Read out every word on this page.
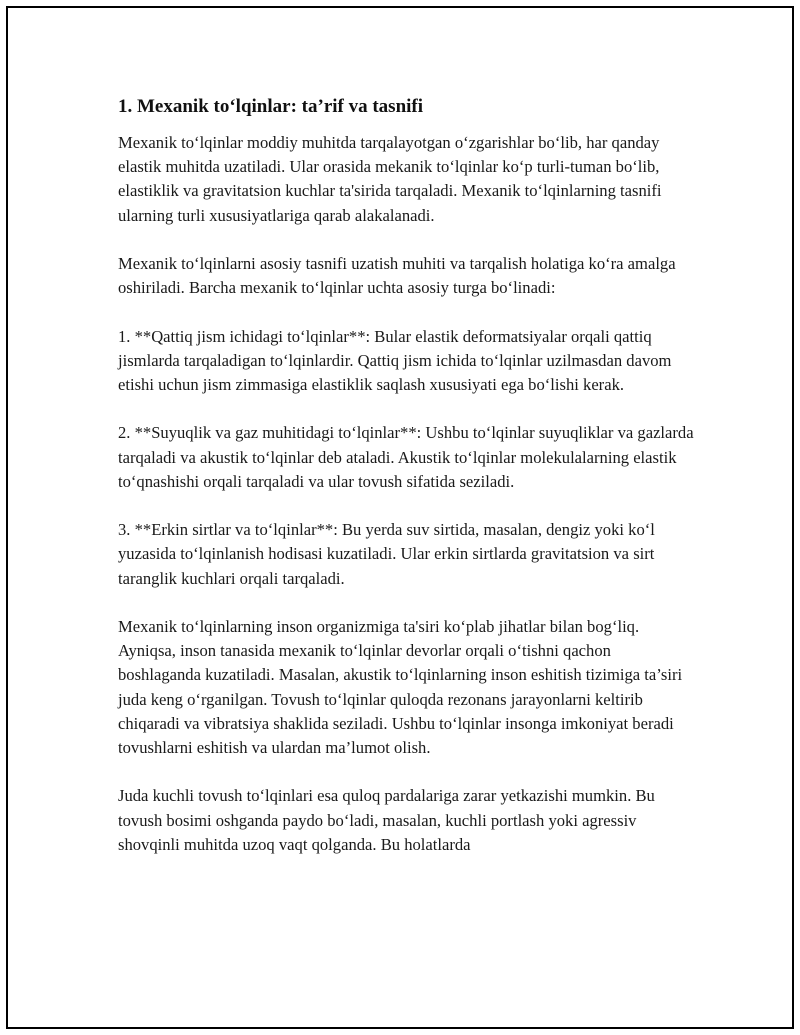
1. Mexanik to‘lqinlar: ta’rif va tasnifi

Mexanik to‘lqinlar moddiy muhitda tarqalayotgan o‘zgarishlar bo‘lib, har qanday elastik muhitda uzatiladi. Ular orasida mekanik to‘lqinlar ko‘p turli-tuman bo‘lib, elastiklik va gravitatsion kuchlar ta'sirida tarqaladi. Mexanik to‘lqinlarning tasnifi ularning turli xususiyatlariga qarab alakalanadi.

Mexanik to‘lqinlarni asosiy tasnifi uzatish muhiti va tarqalish holatiga ko‘ra amalga oshiriladi. Barcha mexanik to‘lqinlar uchta asosiy turga bo‘linadi:

1. **Qattiq jism ichidagi to‘lqinlar**: Bular elastik deformatsiyalar orqali qattiq jismlarda tarqaladigan to‘lqinlardir. Qattiq jism ichida to‘lqinlar uzilmasdan davom etishi uchun jism zimmasiga elastiklik saqlash xususiyati ega bo‘lishi kerak.

2. **Suyuqlik va gaz muhitidagi to‘lqinlar**: Ushbu to‘lqinlar suyuqliklar va gazlarda tarqaladi va akustik to‘lqinlar deb ataladi. Akustik to‘lqinlar molekulalarning elastik to‘qnashishi orqali tarqaladi va ular tovush sifatida seziladi.

3. **Erkin sirtlar va to‘lqinlar**: Bu yerda suv sirtida, masalan, dengiz yoki ko‘l yuzasida to‘lqinlanish hodisasi kuzatiladi. Ular erkin sirtlarda gravitatsion va sirt taranglik kuchlari orqali tarqaladi.

Mexanik to‘lqinlarning inson organizmiga ta'siri ko‘plab jihatlar bilan bog‘liq. Ayniqsa, inson tanasida mexanik to‘lqinlar devorlar orqali o‘tishni qachon boshlaganda kuzatiladi. Masalan, akustik to‘lqinlarning inson eshitish tizimiga ta’siri juda keng o‘rganilgan. Tovush to‘lqinlar quloqda rezonans jarayonlarni keltirib chiqaradi va vibratsiya shaklida seziladi. Ushbu to‘lqinlar insonga imkoniyat beradi tovushlarni eshitish va ulardan ma’lumot olish.

Juda kuchli tovush to‘lqinlari esa quloq pardalariga zarar yetkazishi mumkin. Bu tovush bosimi oshganda paydo bo‘ladi, masalan, kuchli portlash yoki agressiv shovqinli muhitda uzoq vaqt qolganda. Bu holatlarda
